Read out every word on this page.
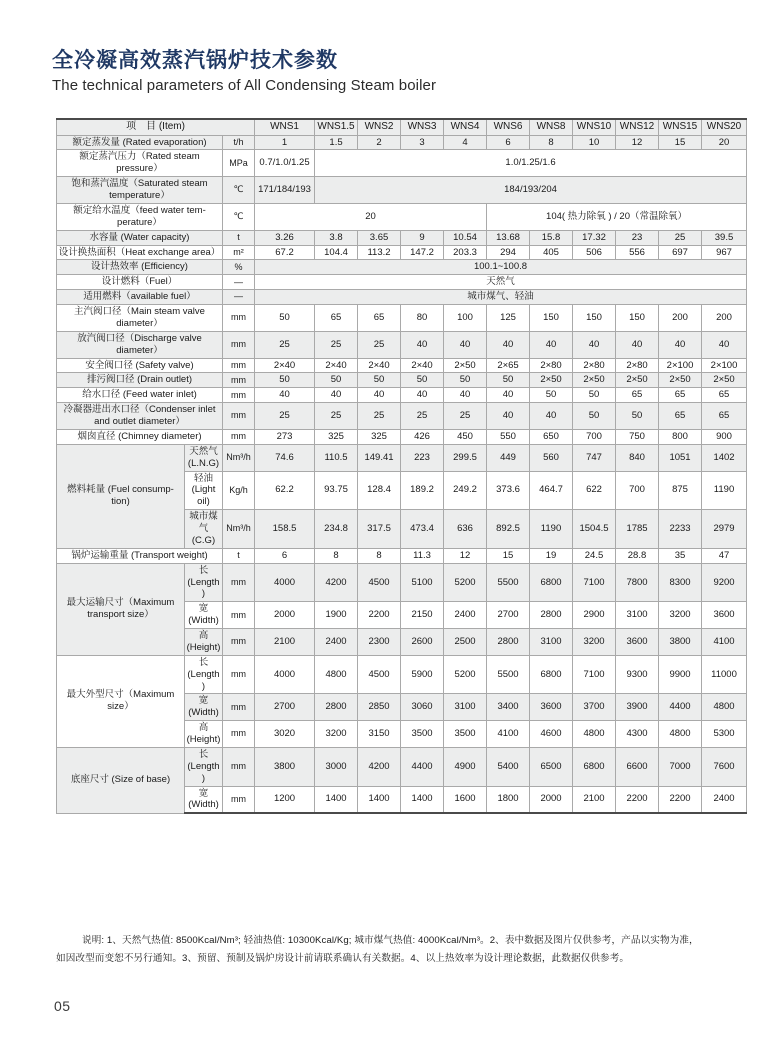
全冷凝高效蒸汽锅炉技术参数
The technical parameters of All Condensing Steam boiler
项　目 (Item)			WNS1	WNS1.5	WNS2	WNS3	WNS4	WNS6	WNS8	WNS10	WNS12	WNS15	WNS20
额定蒸发量 (Rated evaporation)		t/h	1	1.5	2	3	4	6	8	10	12	15	20
额定蒸汽压力（Rated steam pressure）		MPa	0.7/1.0/1.25	1.0/1.25/1.6									
饱和蒸汽温度（Saturated steam temperature）		℃	171/184/193	184/193/204									
额定给水温度（feed water tem-perature）		℃	20					104( 热力除氧 ) / 20（常温除氧）					
水容量 (Water capacity)		t	3.26	3.8	3.65	9	10.54	13.68	15.8	17.32	23	25	39.5
设计换热面积（Heat exchange area）		m²	67.2	104.4	113.2	147.2	203.3	294	405	506	556	697	967
设计热效率 (Efficiency)		%	100.1~100.8										
设计燃料（Fuel）		—	天然气										
适用燃料（available fuel）		—	城市煤气、轻油										
主汽阀口径（Main steam valve diameter）		mm	50	65	65	80	100	125	150	150	150	200	200
放汽阀口径（Discharge valve diameter）		mm	25	25	25	40	40	40	40	40	40	40	40
安全阀口径 (Safety valve)		mm	2×40	2×40	2×40	2×40	2×50	2×65	2×80	2×80	2×80	2×100	2×100
排污阀口径 (Drain outlet)		mm	50	50	50	50	50	50	2×50	2×50	2×50	2×50	2×50
给水口径 (Feed water inlet)		mm	40	40	40	40	40	40	50	50	65	65	65
冷凝器进出水口径（Condenser inlet and outlet diameter）		mm	25	25	25	25	25	40	40	50	50	65	65
烟囱直径 (Chimney diameter)		mm	273	325	325	426	450	550	650	700	750	800	900
燃料耗量 (Fuel consump-tion)	天然气 (L.N.G)	Nm³/h	74.6	110.5	149.41	223	299.5	449	560	747	840	1051	1402
	轻油 (Light oil)	Kg/h	62.2	93.75	128.4	189.2	249.2	373.6	464.7	622	700	875	1190
	城市煤气 (C.G)	Nm³/h	158.5	234.8	317.5	473.4	636	892.5	1190	1504.5	1785	2233	2979
锅炉运输重量 (Transport weight)		t	6	8	8	11.3	12	15	19	24.5	28.8	35	47
最大运输尺寸（Maximum transport size）	长 (Length)	mm	4000	4200	4500	5100	5200	5500	6800	7100	7800	8300	9200
	宽 (Width)	mm	2000	1900	2200	2150	2400	2700	2800	2900	3100	3200	3600
	高 (Height)	mm	2100	2400	2300	2600	2500	2800	3100	3200	3600	3800	4100
最大外型尺寸（Maximum size）	长 (Length)	mm	4000	4800	4500	5900	5200	5500	6800	7100	9300	9900	11000
	宽 (Width)	mm	2700	2800	2850	3060	3100	3400	3600	3700	3900	4400	4800
	高 (Height)	mm	3020	3200	3150	3500	3500	4100	4600	4800	4300	4800	5300
底座尺寸 (Size of base)	长 (Length)	mm	3800	3000	4200	4400	4900	5400	6500	6800	6600	7000	7600
	宽 (Width)	mm	1200	1400	1400	1400	1600	1800	2000	2100	2200	2200	2400
说明: 1、天然气热值: 8500Kcal/Nm³; 轻油热值: 10300Kcal/Kg; 城市煤气热值: 4000Kcal/Nm³。2、表中数据及图片仅供参考，产品以实物为准，
如因改型而变恕不另行通知。3、预留、预制及锅炉房设计前请联系确认有关数据。4、以上热效率为设计理论数据，此数据仅供参考。
05
